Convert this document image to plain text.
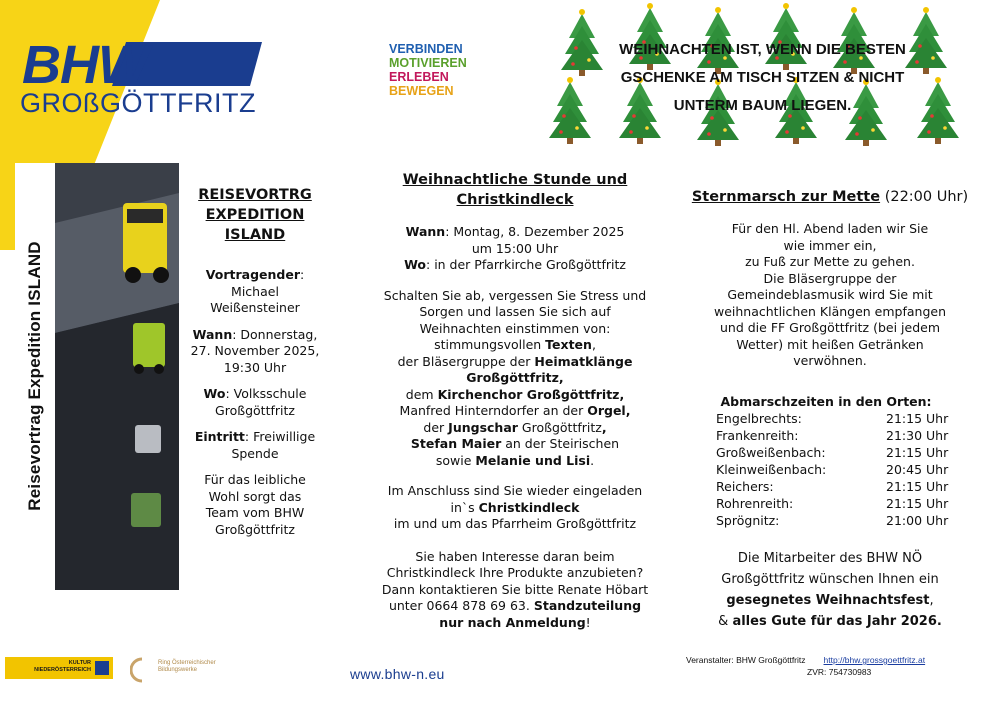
BHW
GROßGÖTTFRITZ
VERBINDEN
MOTIVIEREN
ERLEBEN
BEWEGEN
WEIHNACHTEN IST, WENN DIE BESTEN
GSCHENKE AM TISCH SITZEN & NICHT
UNTERM BAUM LIEGEN.
Reisevortrag Expedition ISLAND

REISEVORTRG

EXPEDITION

ISLAND

Vortragender:

Michael

Weißensteiner

Wann: Donnerstag,

27. November 2025,

19:30 Uhr

Wo: Volksschule

Großgöttfritz

Eintritt: Freiwillige

Spende

Für das leibliche

Wohl sorgt das

Team vom BHW

Großgöttfritz

Weihnachtliche Stunde und

Christkindleck

Wann: Montag, 8. Dezember 2025

um 15:00 Uhr

Wo: in der Pfarrkirche Großgöttfritz

Schalten Sie ab, vergessen Sie Stress und

Sorgen und lassen Sie sich auf

Weihnachten einstimmen von:

stimmungsvollen Texten,

der Bläsergruppe der Heimatklänge

Großgöttfritz,

dem Kirchenchor Großgöttfritz,

Manfred Hinterndorfer an der Orgel,

der Jungschar Großgöttfritz,

Stefan Maier an der Steirischen

sowie Melanie und Lisi.

Im Anschluss sind Sie wieder eingeladen

in`s Christkindleck

im und um das Pfarrheim Großgöttfritz

Sie haben Interesse daran beim

Christkindleck Ihre Produkte anzubieten?

Dann kontaktieren Sie bitte Renate Höbart

unter 0664 878 69 63. Standzuteilung

nur nach Anmeldung!

Sternmarsch zur Mette (22:00 Uhr)

Für den Hl. Abend laden wir Sie

wie immer ein,

zu Fuß zur Mette zu gehen.

Die Bläsergruppe der

Gemeindeblasmusik wird Sie mit

weihnachtlichen Klängen empfangen

und die FF Großgöttfritz (bei jedem

Wetter) mit heißen Getränken

verwöhnen.

Abmarschzeiten in den Orten:
Engelbrechts:	21:15 Uhr
Frankenreith:	21:30 Uhr
Großweißenbach:	21:15 Uhr
Kleinweißenbach:	20:45 Uhr
Reichers:	21:15 Uhr
Rohrenreith:	21:15 Uhr
Sprögnitz:	21:00 Uhr
Die Mitarbeiter des BHW NÖ
Großgöttfritz wünschen Ihnen ein
gesegnetes Weihnachtsfest,
& alles Gute für das Jahr 2026.
KULTUR
NIEDERÖSTERREICH
Ring Österreichischer
Bildungswerke	www.bhw-n.eu
Veranstalter: BHW Großgöttfritz http://bhw.grossgoettfritz.at
ZVR: 754730983
